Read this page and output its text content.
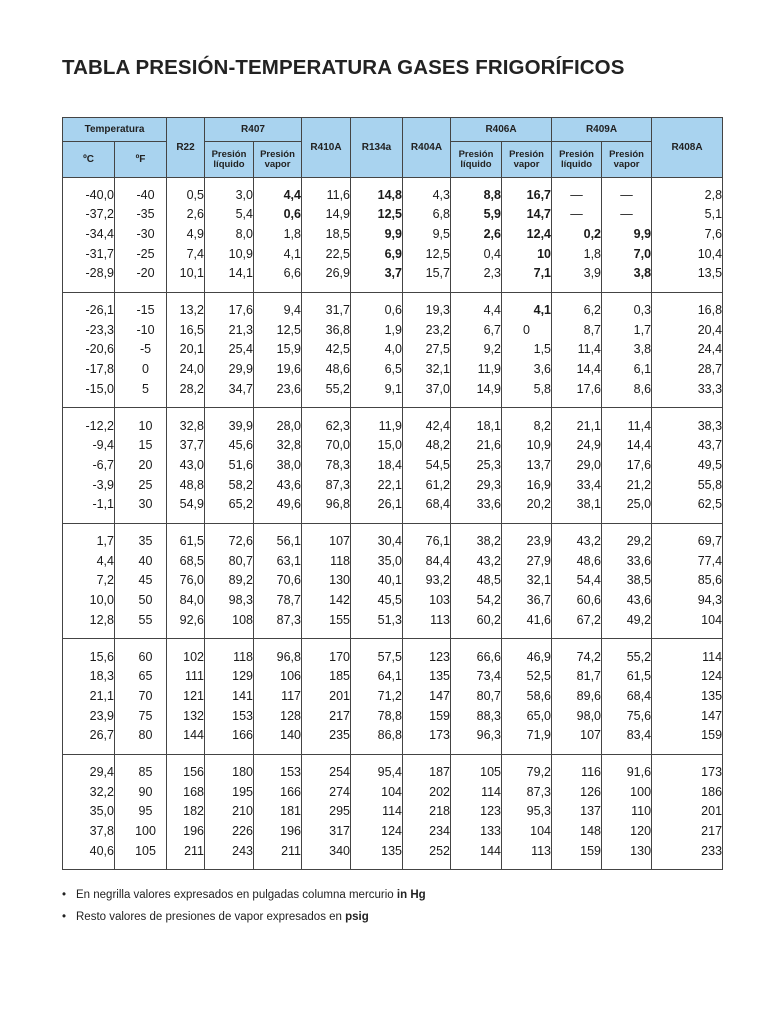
TABLA PRESIÓN-TEMPERATURA GASES FRIGORÍFICOS
Temperatura		R22	R407		R410A	R134a	R404A	R406A		R409A		R408A
ºC	ºF		Presión líquido	Presión vapor				Presión líquido	Presión vapor	Presión líquido	Presión vapor	

-40,0	-40	0,5	3,0	4,4	11,6	14,8	4,3	8,8	16,7	—	—	2,8
-37,2	-35	2,6	5,4	0,6	14,9	12,5	6,8	5,9	14,7	—	—	5,1
-34,4	-30	4,9	8,0	1,8	18,5	9,9	9,5	2,6	12,4	0,2	9,9	7,6
-31,7	-25	7,4	10,9	4,1	22,5	6,9	12,5	0,4	10	1,8	7,0	10,4
-28,9	-20	10,1	14,1	6,6	26,9	3,7	15,7	2,3	7,1	3,9	3,8	13,5

-26,1	-15	13,2	17,6	9,4	31,7	0,6	19,3	4,4	4,1	6,2	0,3	16,8
-23,3	-10	16,5	21,3	12,5	36,8	1,9	23,2	6,7	0	8,7	1,7	20,4
-20,6	-5	20,1	25,4	15,9	42,5	4,0	27,5	9,2	1,5	11,4	3,8	24,4
-17,8	0	24,0	29,9	19,6	48,6	6,5	32,1	11,9	3,6	14,4	6,1	28,7
-15,0	5	28,2	34,7	23,6	55,2	9,1	37,0	14,9	5,8	17,6	8,6	33,3

-12,2	10	32,8	39,9	28,0	62,3	11,9	42,4	18,1	8,2	21,1	11,4	38,3
-9,4	15	37,7	45,6	32,8	70,0	15,0	48,2	21,6	10,9	24,9	14,4	43,7
-6,7	20	43,0	51,6	38,0	78,3	18,4	54,5	25,3	13,7	29,0	17,6	49,5
-3,9	25	48,8	58,2	43,6	87,3	22,1	61,2	29,3	16,9	33,4	21,2	55,8
-1,1	30	54,9	65,2	49,6	96,8	26,1	68,4	33,6	20,2	38,1	25,0	62,5

1,7	35	61,5	72,6	56,1	107	30,4	76,1	38,2	23,9	43,2	29,2	69,7
4,4	40	68,5	80,7	63,1	118	35,0	84,4	43,2	27,9	48,6	33,6	77,4
7,2	45	76,0	89,2	70,6	130	40,1	93,2	48,5	32,1	54,4	38,5	85,6
10,0	50	84,0	98,3	78,7	142	45,5	103	54,2	36,7	60,6	43,6	94,3
12,8	55	92,6	108	87,3	155	51,3	113	60,2	41,6	67,2	49,2	104

15,6	60	102	118	96,8	170	57,5	123	66,6	46,9	74,2	55,2	114
18,3	65	111	129	106	185	64,1	135	73,4	52,5	81,7	61,5	124
21,1	70	121	141	117	201	71,2	147	80,7	58,6	89,6	68,4	135
23,9	75	132	153	128	217	78,8	159	88,3	65,0	98,0	75,6	147
26,7	80	144	166	140	235	86,8	173	96,3	71,9	107	83,4	159

29,4	85	156	180	153	254	95,4	187	105	79,2	116	91,6	173
32,2	90	168	195	166	274	104	202	114	87,3	126	100	186
35,0	95	182	210	181	295	114	218	123	95,3	137	110	201
37,8	100	196	226	196	317	124	234	133	104	148	120	217
40,6	105	211	243	211	340	135	252	144	113	159	130	233

• En negrilla valores expresados en pulgadas columna mercurio in Hg
• Resto valores de presiones de vapor expresados en psig
